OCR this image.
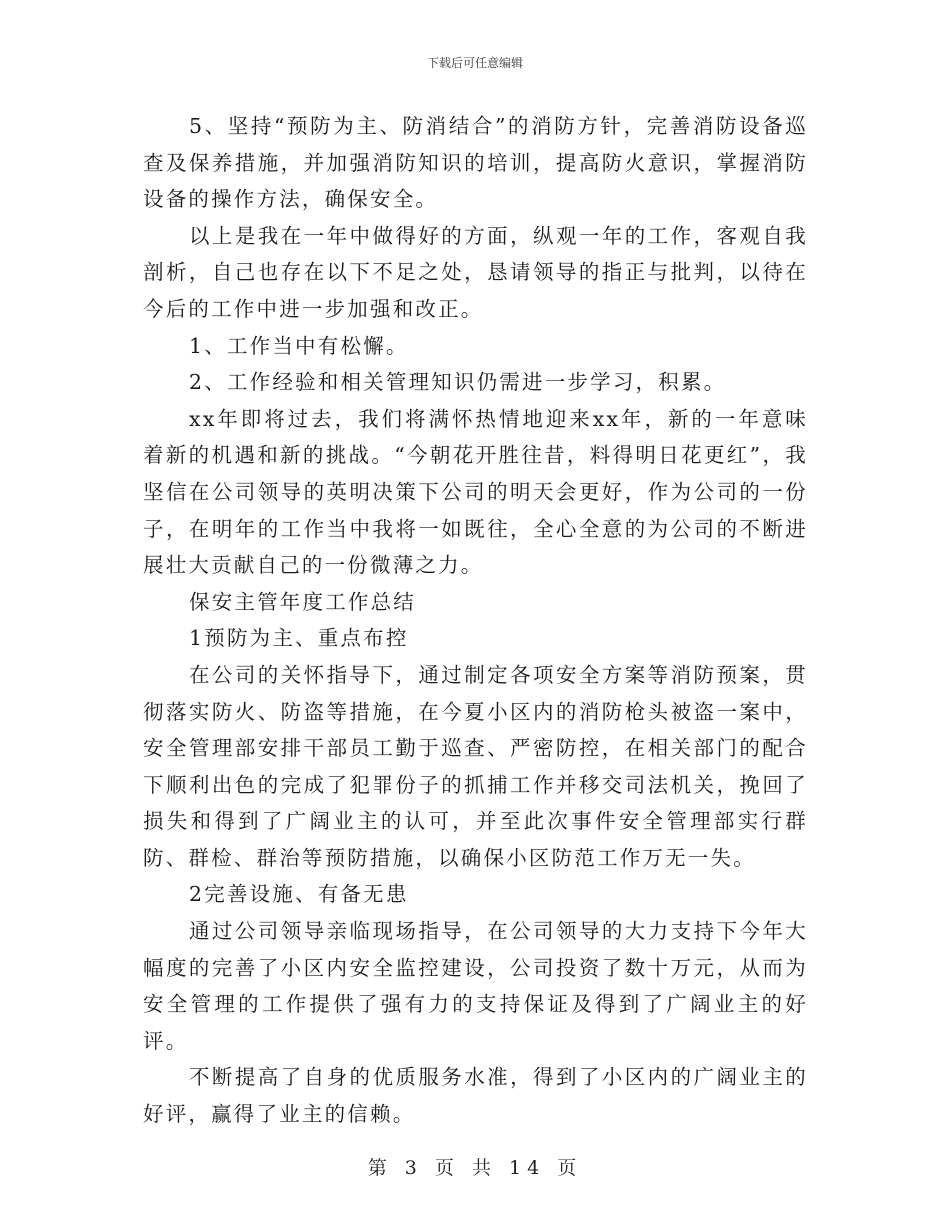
下载后可任意编辑

5、坚持“预防为主、防消结合”的消防方针，完善消防设备巡查及保养措施，并加强消防知识的培训，提高防火意识，掌握消防设备的操作方法，确保安全。

以上是我在一年中做得好的方面，纵观一年的工作，客观自我剖析，自己也存在以下不足之处，恳请领导的指正与批判，以待在今后的工作中进一步加强和改正。

1、工作当中有松懈。

2、工作经验和相关管理知识仍需进一步学习，积累。

xx年即将过去，我们将满怀热情地迎来xx年，新的一年意味着新的机遇和新的挑战。“今朝花开胜往昔，料得明日花更红”，我坚信在公司领导的英明决策下公司的明天会更好，作为公司的一份子，在明年的工作当中我将一如既往，全心全意的为公司的不断进展壮大贡献自己的一份微薄之力。

保安主管年度工作总结

1预防为主、重点布控

在公司的关怀指导下，通过制定各项安全方案等消防预案，贯彻落实防火、防盗等措施，在今夏小区内的消防枪头被盗一案中，安全管理部安排干部员工勤于巡查、严密防控，在相关部门的配合下顺利出色的完成了犯罪份子的抓捕工作并移交司法机关，挽回了损失和得到了广阔业主的认可，并至此次事件安全管理部实行群防、群检、群治等预防措施，以确保小区防范工作万无一失。

2完善设施、有备无患

通过公司领导亲临现场指导，在公司领导的大力支持下今年大幅度的完善了小区内安全监控建设，公司投资了数十万元，从而为安全管理的工作提供了强有力的支持保证及得到了广阔业主的好评。

不断提高了自身的优质服务水准，得到了小区内的广阔业主的好评，赢得了业主的信赖。

第 3 页 共 14 页
